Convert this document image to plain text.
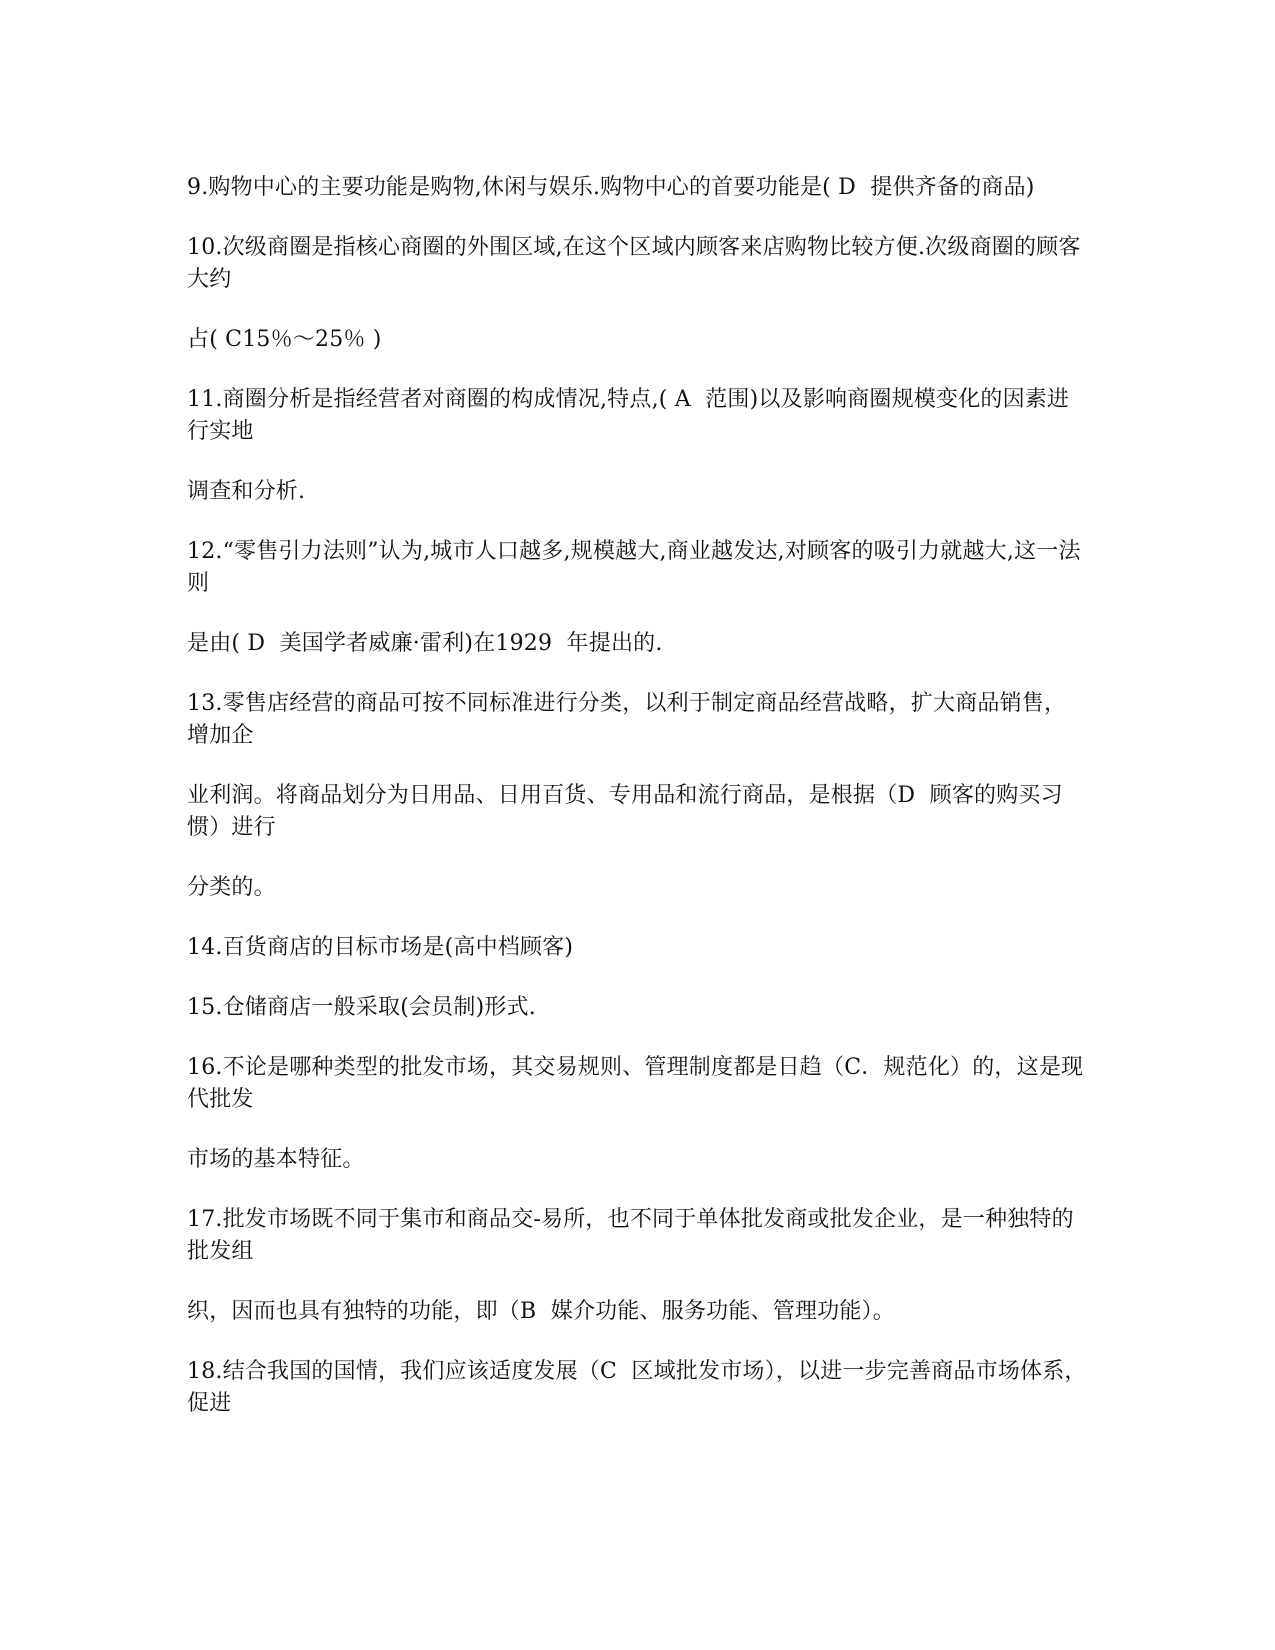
9.购物中心的主要功能是购物,休闲与娱乐.购物中心的首要功能是( D  提供齐备的商品)

10.次级商圈是指核心商圈的外围区域,在这个区域内顾客来店购物比较方便.次级商圈的顾客大约

占( C15％～25％ )

11.商圈分析是指经营者对商圈的构成情况,特点,( A  范围)以及影响商圈规模变化的因素进行实地

调查和分析.

12.“零售引力法则”认为,城市人口越多,规模越大,商业越发达,对顾客的吸引力就越大,这一法则

是由( D  美国学者威廉·雷利)在1929  年提出的.

13.零售店经营的商品可按不同标准进行分类，以利于制定商品经营战略，扩大商品销售，增加企

业利润。将商品划分为日用品、日用百货、专用品和流行商品，是根据（D  顾客的购买习惯）进行

分类的。

14.百货商店的目标市场是(高中档顾客)

15.仓储商店一般采取(会员制)形式.

16.不论是哪种类型的批发市场，其交易规则、管理制度都是日趋（C．规范化）的，这是现代批发

市场的基本特征。

17.批发市场既不同于集市和商品交-易所，也不同于单体批发商或批发企业，是一种独特的批发组

织，因而也具有独特的功能，即（B  媒介功能、服务功能、管理功能）。

18.结合我国的国情，我们应该适度发展（C  区域批发市场），以进一步完善商品市场体系，促进
